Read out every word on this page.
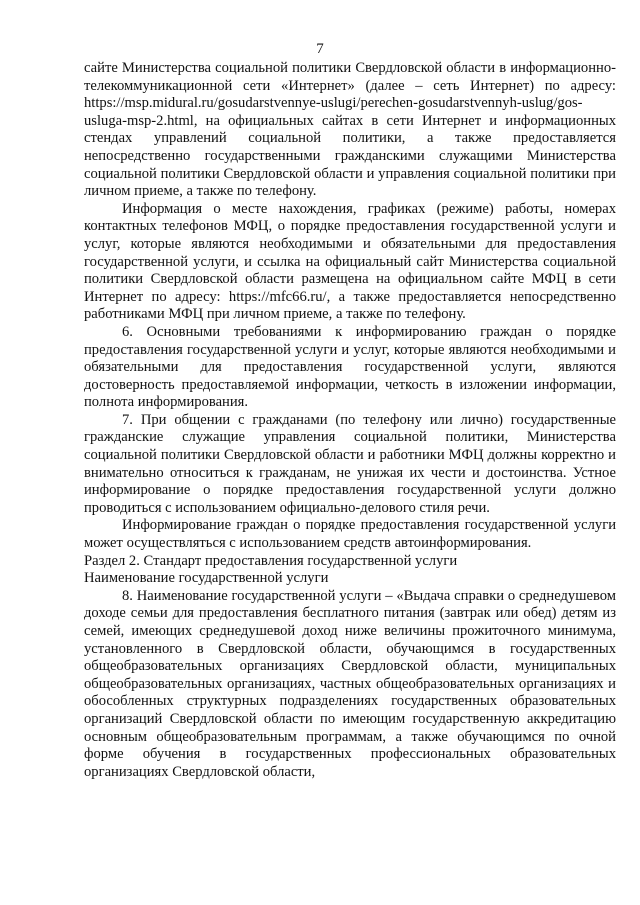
7

сайте Министерства социальной политики Свердловской области в информационно-телекоммуникационной сети «Интернет» (далее – сеть Интернет) по адресу: https://msp.midural.ru/gosudarstvennye-uslugi/perechen-gosudarstvennyh-uslug/gos-usluga-msp-2.html, на официальных сайтах в сети Интернет и информационных стендах управлений социальной политики, а также предоставляется непосредственно государственными гражданскими служащими Министерства социальной политики Свердловской области и управления социальной политики при личном приеме, а также по телефону.

Информация о месте нахождения, графиках (режиме) работы, номерах контактных телефонов МФЦ, о порядке предоставления государственной услуги и услуг, которые являются необходимыми и обязательными для предоставления государственной услуги, и ссылка на официальный сайт Министерства социальной политики Свердловской области размещена на официальном сайте МФЦ в сети Интернет по адресу: https://mfc66.ru/, а также предоставляется непосредственно работниками МФЦ при личном приеме, а также по телефону.

6. Основными требованиями к информированию граждан о порядке предоставления государственной услуги и услуг, которые являются необходимыми и обязательными для предоставления государственной услуги, являются достоверность предоставляемой информации, четкость в изложении информации, полнота информирования.

7. При общении с гражданами (по телефону или лично) государственные гражданские служащие управления социальной политики, Министерства социальной политики Свердловской области и работники МФЦ должны корректно и внимательно относиться к гражданам, не унижая их чести и достоинства. Устное информирование о порядке предоставления государственной услуги должно проводиться с использованием официально-делового стиля речи.

Информирование граждан о порядке предоставления государственной услуги может осуществляться с использованием средств автоинформирования.

Раздел 2. Стандарт предоставления государственной услуги

Наименование государственной услуги

8. Наименование государственной услуги – «Выдача справки о среднедушевом доходе семьи для предоставления бесплатного питания (завтрак или обед) детям из семей, имеющих среднедушевой доход ниже величины прожиточного минимума, установленного в Свердловской области, обучающимся в государственных общеобразовательных организациях Свердловской области, муниципальных общеобразовательных организациях, частных общеобразовательных организациях и обособленных структурных подразделениях государственных образовательных организаций Свердловской области по имеющим государственную аккредитацию основным общеобразовательным программам, а также обучающимся по очной форме обучения в государственных профессиональных образовательных организациях Свердловской области,
